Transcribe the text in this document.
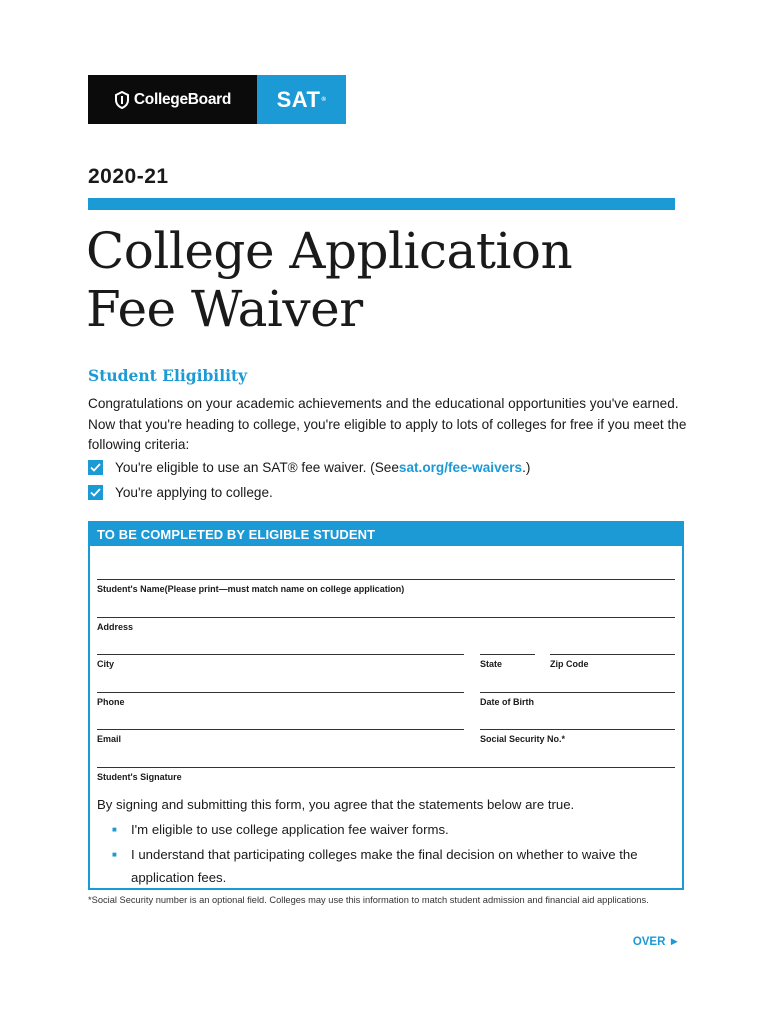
CollegeBoard SAT ®
2020-21
College Application
Fee Waiver
Student Eligibility
Congratulations on your academic achievements and the educational opportunities you've earned. Now that you're heading to college, you're eligible to apply to lots of colleges for free if you meet the following criteria:
You're eligible to use an SAT® fee waiver. (See sat.org/fee-waivers .)
You're applying to college.
TO BE COMPLETED BY ELIGIBLE STUDENT
Student's Name(Please print—must match name on college application)
Address
City	State	Zip Code
Phone	Date of Birth
Email	Social Security No.*
Student's Signature
By signing and submitting this form, you agree that the statements below are true.
■ I'm eligible to use college application fee waiver forms.
■ I understand that participating colleges make the final decision on whether to waive the application fees.
*Social Security number is an optional field. Colleges may use this information to match student admission and financial aid applications.
OVER ►
